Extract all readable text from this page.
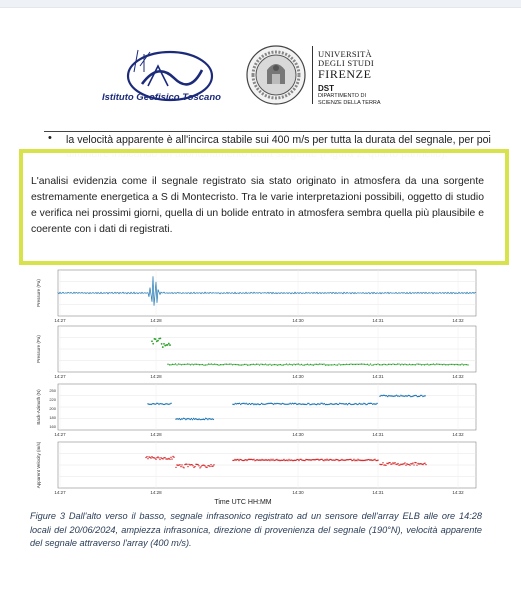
Istituto Geofisico Toscano
UNIVERSITÀ
DEGLI STUDI
FIRENZE
DST
DIPARTIMENTO DI
SCIENZE DELLA TERRA
• la velocità apparente è all'incirca stabile sui 400 m/s per tutta la durata del segnale, per poi
L'analisi evidenzia come il segnale registrato sia stato originato in atmosfera da una sorgente estremamente energetica a S di Montecristo. Tra le varie interpretazioni possibili, oggetto di studio e verifica nei prossimi giorni, quella di un bolide entrato in atmosfera sembra quella più plausibile e coerente con i dati di registrati.
Pressure (Pa)
14:27	14:28	14:30	14:31	14:32
Pressure (Pa)
14:27	14:28	14:30	14:31	14:32
Back-Azimuth (N)
14:27	14:28	14:30	14:31	14:32
Apparent Velocity (m/s)
14:27	14:28	14:30	14:31	14:32
250
220
200
180
160
Time UTC HH:MM
Figure 3 Dall'alto verso il basso, segnale infrasonico registrato ad un sensore dell'array ELB alle ore 14:28 locali del 20/06/2024, ampiezza infrasonica, direzione di provenienza del segnale (190°N), velocità apparente del segnale attraverso l'array (400 m/s).
